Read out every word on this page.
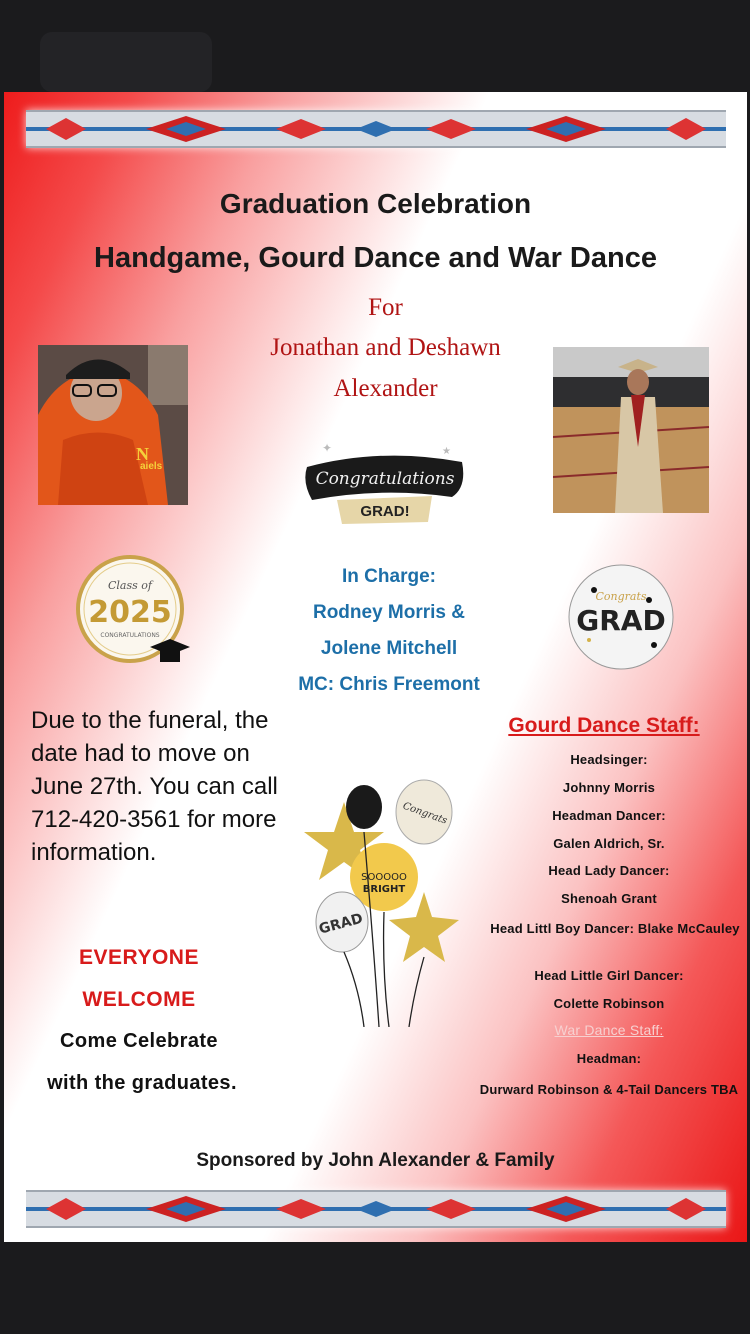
Graduation Celebration
Handgame, Gourd Dance and War Dance
For
Jonathan and Deshawn
Alexander
N
aiels
Congratulations
GRAD!
✦	★
Class of
2025
CONGRATULATIONS
Congrats
GRAD
In Charge:
Rodney Morris &
Jolene Mitchell
MC: Chris Freemont
Due to the funeral, the date had to move on June 27th. You can call 712-420-3561 for more information.
EVERYONE
WELCOME
Come Celebrate
with the graduates.
Congrats
SOOOOO
BRIGHT
GRAD
Gourd Dance Staff:
Headsinger:
Johnny Morris
Headman Dancer:
Galen Aldrich, Sr.
Head Lady Dancer:
Shenoah Grant
Head Littl Boy Dancer: Blake McCauley
Head Little Girl Dancer:
Colette Robinson
War Dance Staff:
Headman:
Durward Robinson & 4-Tail Dancers TBA
Sponsored by John Alexander & Family
